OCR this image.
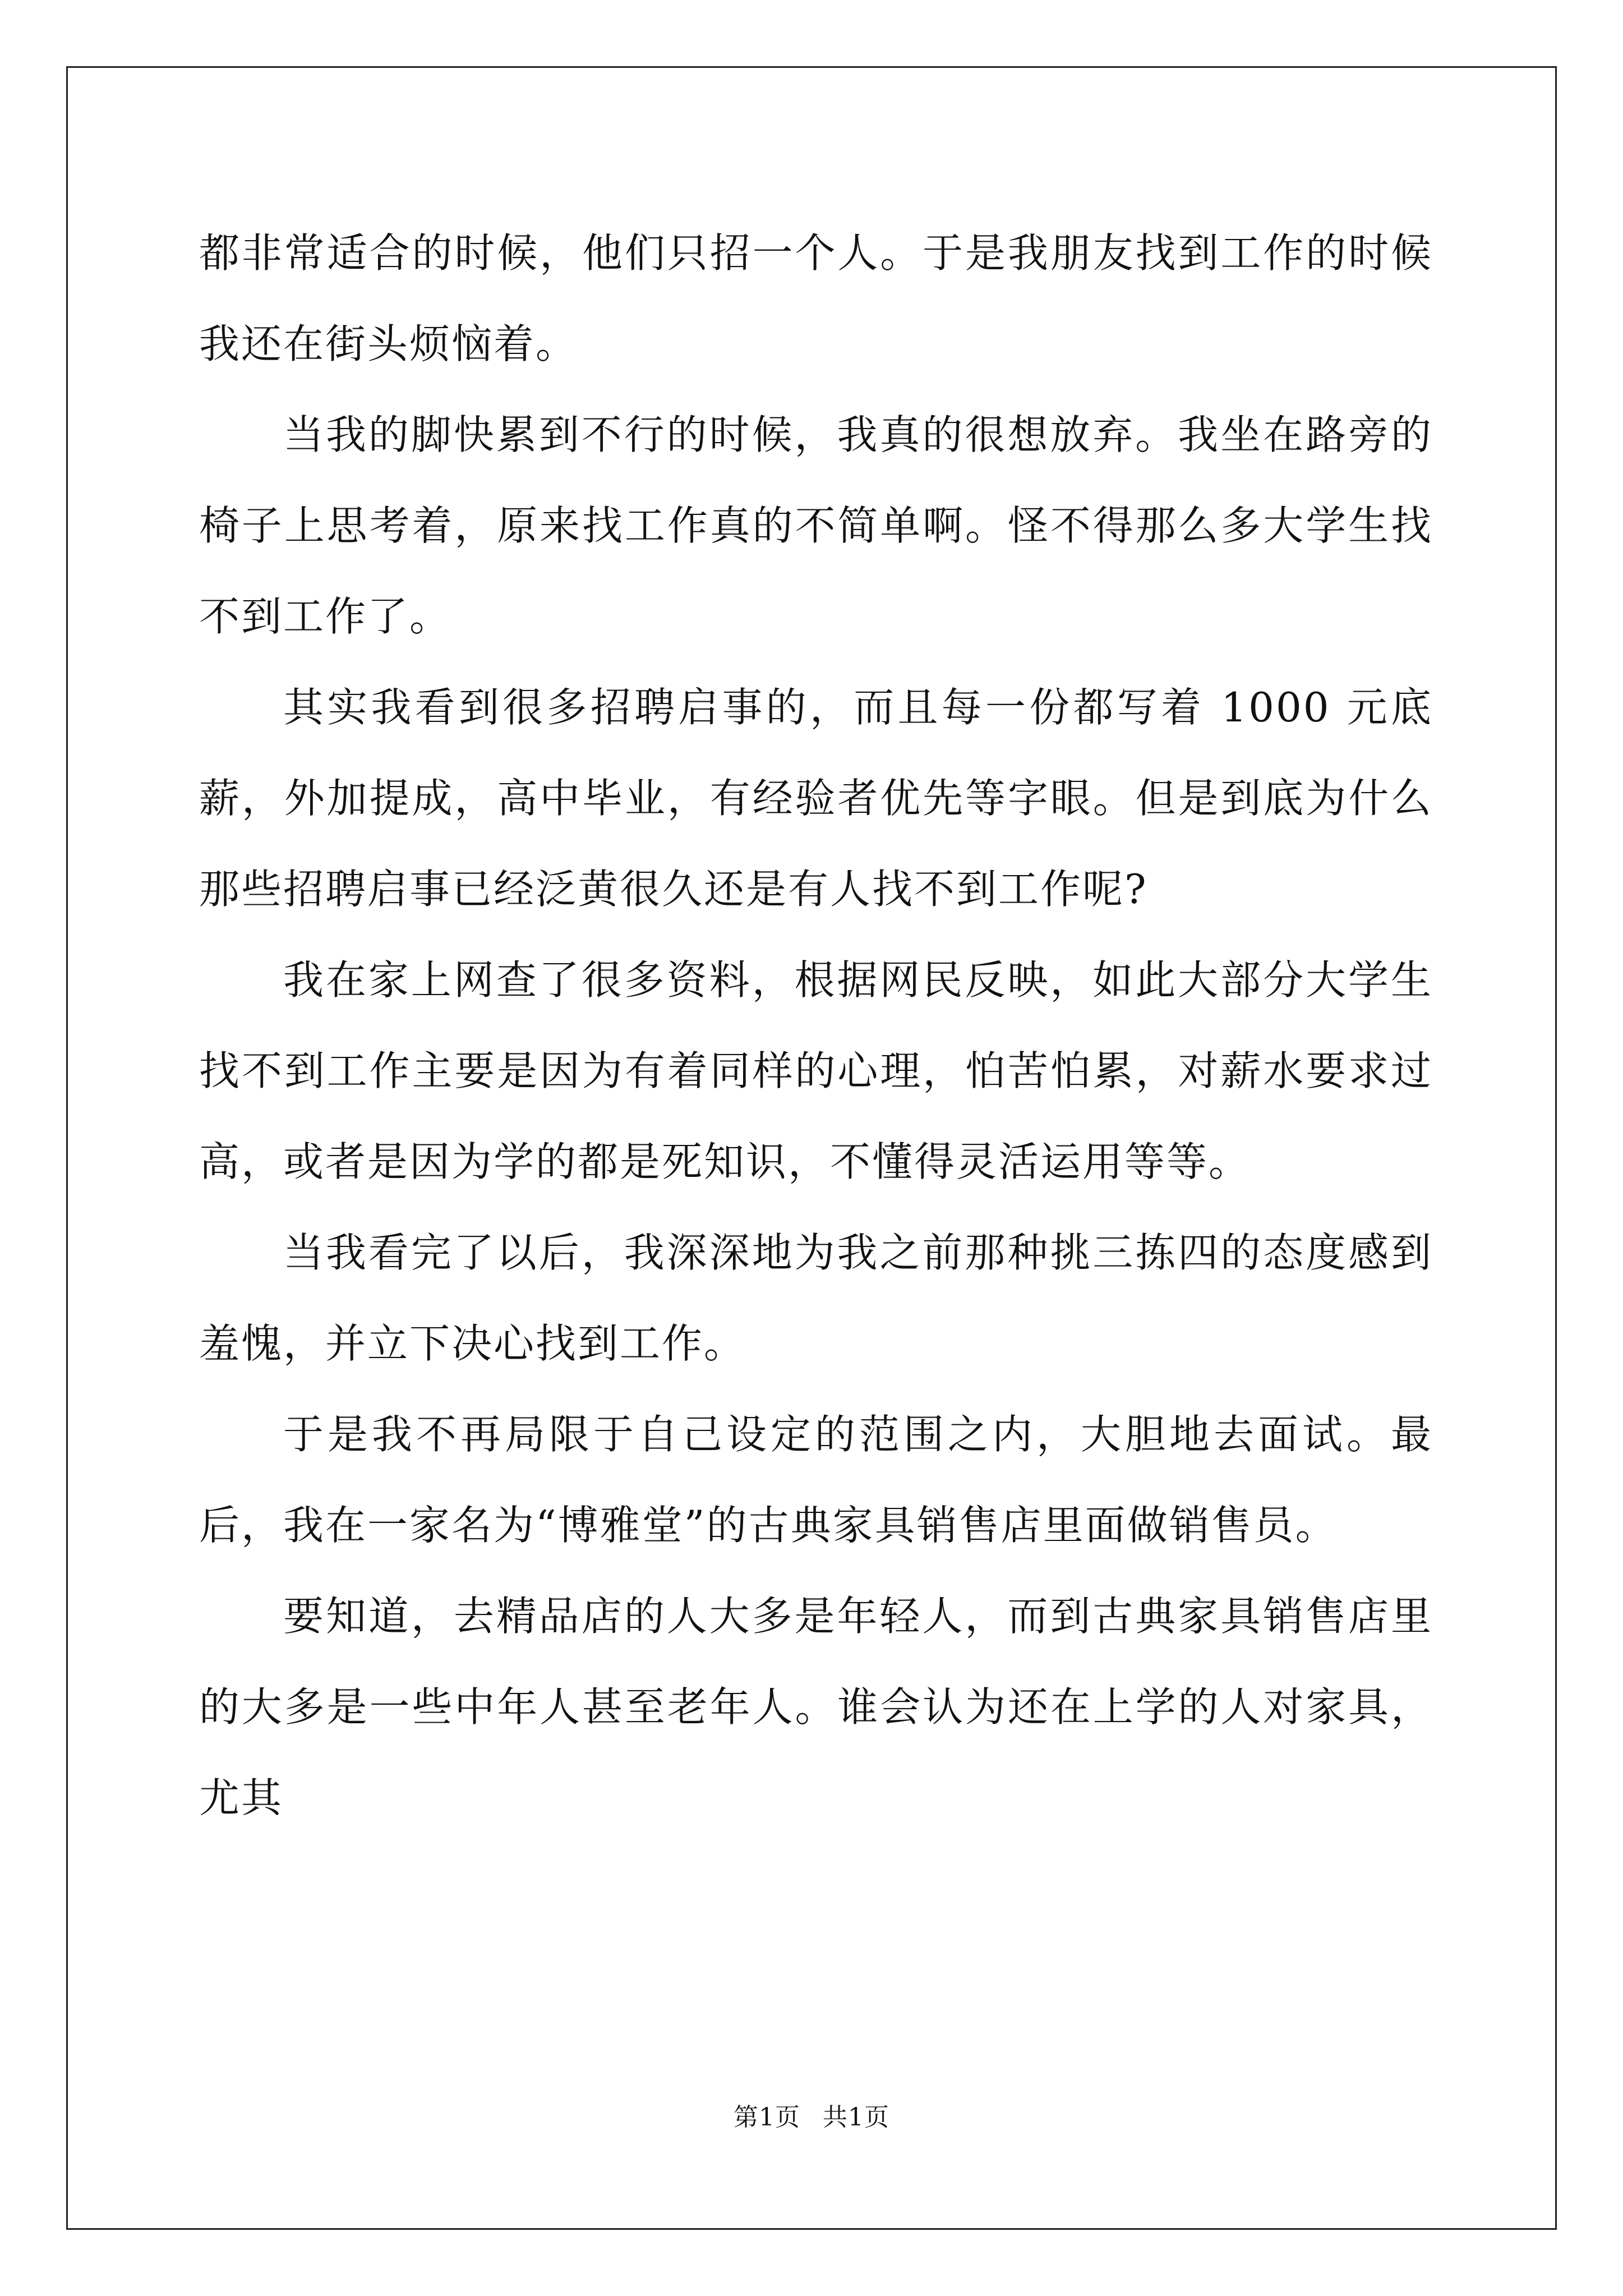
都非常适合的时候，他们只招一个人。于是我朋友找到工作的时候我还在街头烦恼着。

当我的脚快累到不行的时候，我真的很想放弃。我坐在路旁的椅子上思考着，原来找工作真的不简单啊。怪不得那么多大学生找不到工作了。

其实我看到很多招聘启事的，而且每一份都写着 1000 元底薪，外加提成，高中毕业，有经验者优先等字眼。但是到底为什么那些招聘启事已经泛黄很久还是有人找不到工作呢?

我在家上网查了很多资料，根据网民反映，如此大部分大学生找不到工作主要是因为有着同样的心理，怕苦怕累，对薪水要求过高，或者是因为学的都是死知识，不懂得灵活运用等等。

当我看完了以后，我深深地为我之前那种挑三拣四的态度感到羞愧，并立下决心找到工作。

于是我不再局限于自己设定的范围之内，大胆地去面试。最后，我在一家名为“博雅堂”的古典家具销售店里面做销售员。

要知道，去精品店的人大多是年轻人，而到古典家具销售店里的大多是一些中年人甚至老年人。谁会认为还在上学的人对家具，尤其

第1页 共1页
